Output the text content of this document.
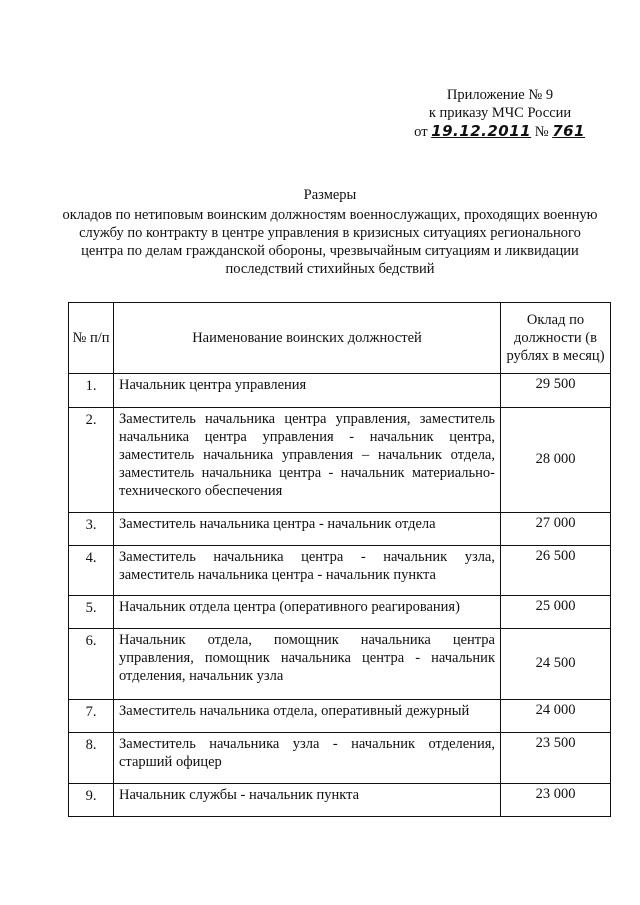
Приложение № 9
к приказу МЧС России
от 19.12.2011 № 761
Размеры
окладов по нетиповым воинским должностям военнослужащих, проходящих военную службу по контракту в центре управления в кризисных ситуациях регионального центра по делам гражданской обороны, чрезвычайным ситуациям и ликвидации последствий стихийных бедствий
№ п/п	Наименование воинских должностей	Оклад по должности (в рублях в месяц)
1.	Начальник центра управления	29 500
2.	Заместитель начальника центра управления, заместитель начальника центра управления - начальник центра, заместитель начальника управления – начальник отдела, заместитель начальника центра - начальник материально-технического обеспечения	28 000
3.	Заместитель начальника центра - начальник отдела	27 000
4.	Заместитель начальника центра - начальник узла, заместитель начальника центра - начальник пункта	26 500
5.	Начальник отдела центра (оперативного реагирования)	25 000
6.	Начальник отдела, помощник начальника центра управления, помощник начальника центра - начальник отделения, начальник узла	24 500
7.	Заместитель начальника отдела, оперативный дежурный	24 000
8.	Заместитель начальника узла - начальник отделения, старший офицер	23 500
9.	Начальник службы - начальник пункта	23 000
